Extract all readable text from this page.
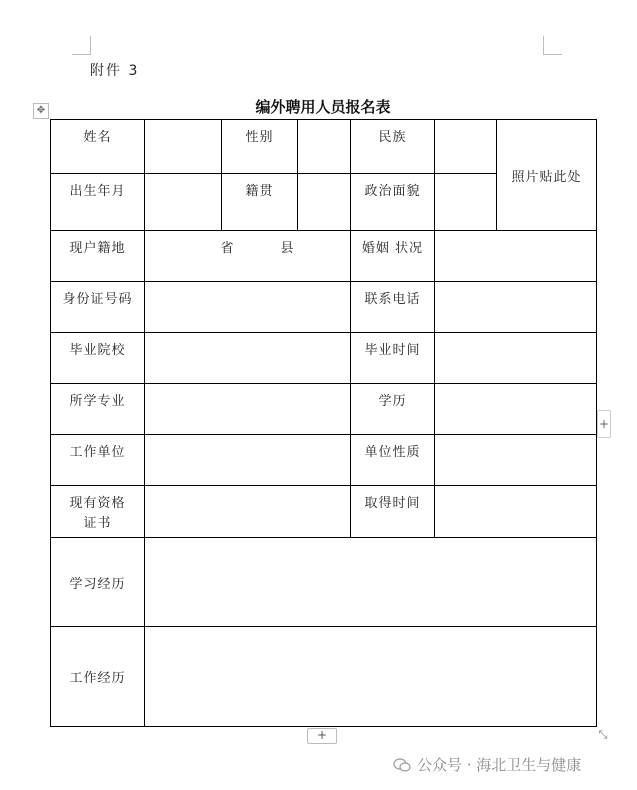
附件 3
✥	编外聘用人员报名表
姓名		性别		民族		照片贴此处

出生年月		籍贯		政治面貌		

现户籍地	省 县			婚姻 状况		

身份证号码				联系电话		

毕业院校				毕业时间		

所学专业				学历		

工作单位				单位性质		

现有资格
证书				取得时间		

学习经历						
工作经历						
+
+	⤡
公众号 · 海北卫生与健康
